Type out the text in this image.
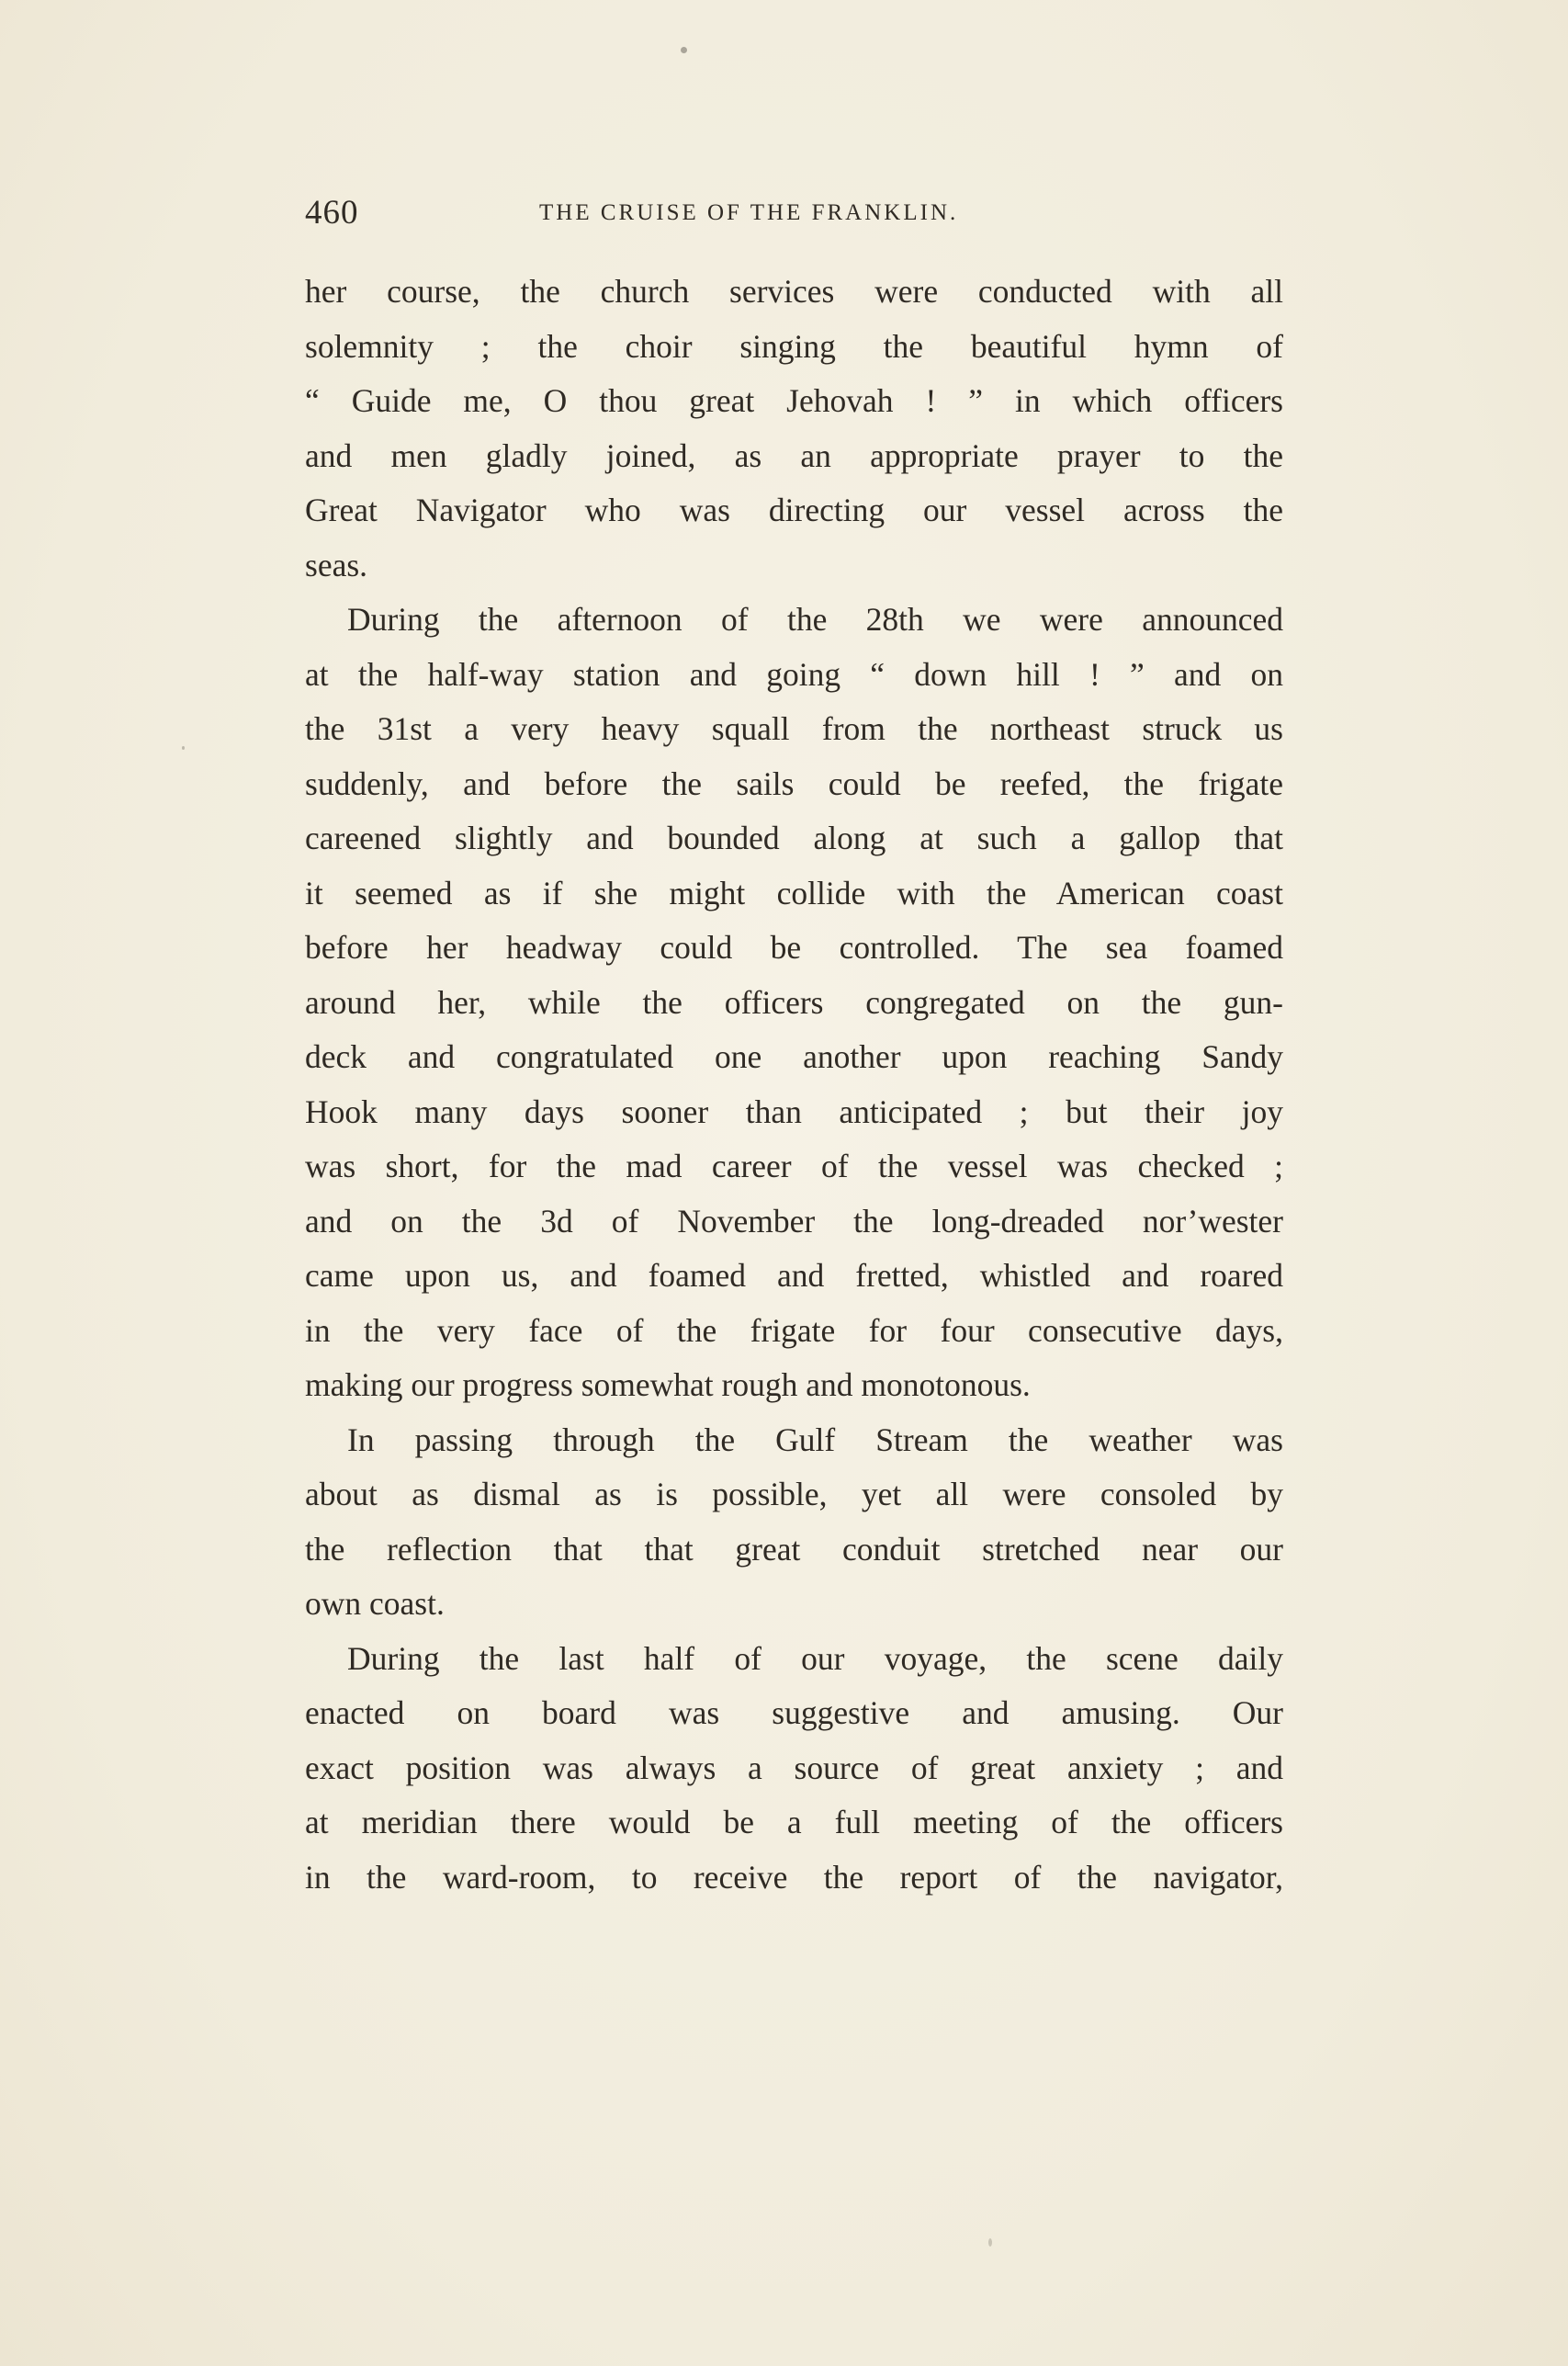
460	THE CRUISE OF THE FRANKLIN.
her course, the church services were conducted with all
solemnity ; the choir singing the beautiful hymn of
“ Guide me, O thou great Jehovah ! ” in which officers
and men gladly joined, as an appropriate prayer to the
Great Navigator who was directing our vessel across the
seas.
During the afternoon of the 28th we were announced
at the half-way station and going “ down hill ! ” and on
the 31st a very heavy squall from the northeast struck us
suddenly, and before the sails could be reefed, the frigate
careened slightly and bounded along at such a gallop that
it seemed as if she might collide with the American coast
before her headway could be controlled. The sea foamed
around her, while the officers congregated on the gun-
deck and congratulated one another upon reaching Sandy
Hook many days sooner than anticipated ; but their joy
was short, for the mad career of the vessel was checked ;
and on the 3d of November the long-dreaded nor’wester
came upon us, and foamed and fretted, whistled and roared
in the very face of the frigate for four consecutive days,
making our progress somewhat rough and monotonous.
In passing through the Gulf Stream the weather was
about as dismal as is possible, yet all were consoled by
the reflection that that great conduit stretched near our
own coast.
During the last half of our voyage, the scene daily
enacted on board was suggestive and amusing. Our
exact position was always a source of great anxiety ; and
at meridian there would be a full meeting of the officers
in the ward-room, to receive the report of the navigator,
